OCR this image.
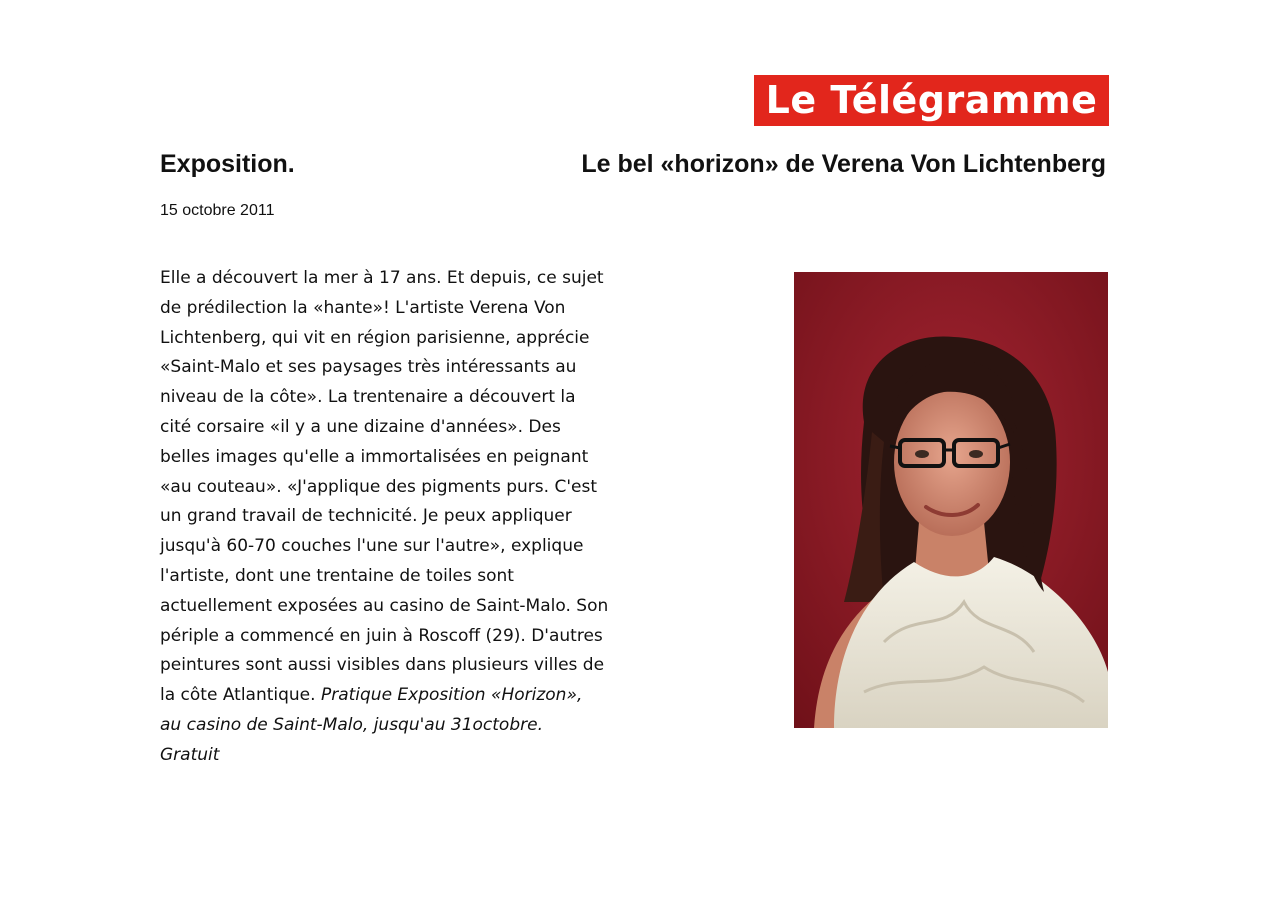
Le Télégramme
Exposition.	Le bel «horizon» de Verena Von Lichtenberg
15 octobre 2011
Elle a découvert la mer à 17 ans. Et depuis, ce sujet
de prédilection la «hante»! L'artiste Verena Von
Lichtenberg, qui vit en région parisienne, apprécie
«Saint-Malo et ses paysages très intéressants au
niveau de la côte». La trentenaire a découvert la
cité corsaire «il y a une dizaine d'années». Des
belles images qu'elle a immortalisées en peignant
«au couteau». «J'applique des pigments purs. C'est
un grand travail de technicité. Je peux appliquer
jusqu'à 60-70 couches l'une sur l'autre», explique
l'artiste, dont une trentaine de toiles sont
actuellement exposées au casino de Saint-Malo. Son
périple a commencé en juin à Roscoff (29). D'autres
peintures sont aussi visibles dans plusieurs villes de
la côte Atlantique. Pratique Exposition «Horizon»,
au casino de Saint-Malo, jusqu'au 31octobre.
Gratuit
